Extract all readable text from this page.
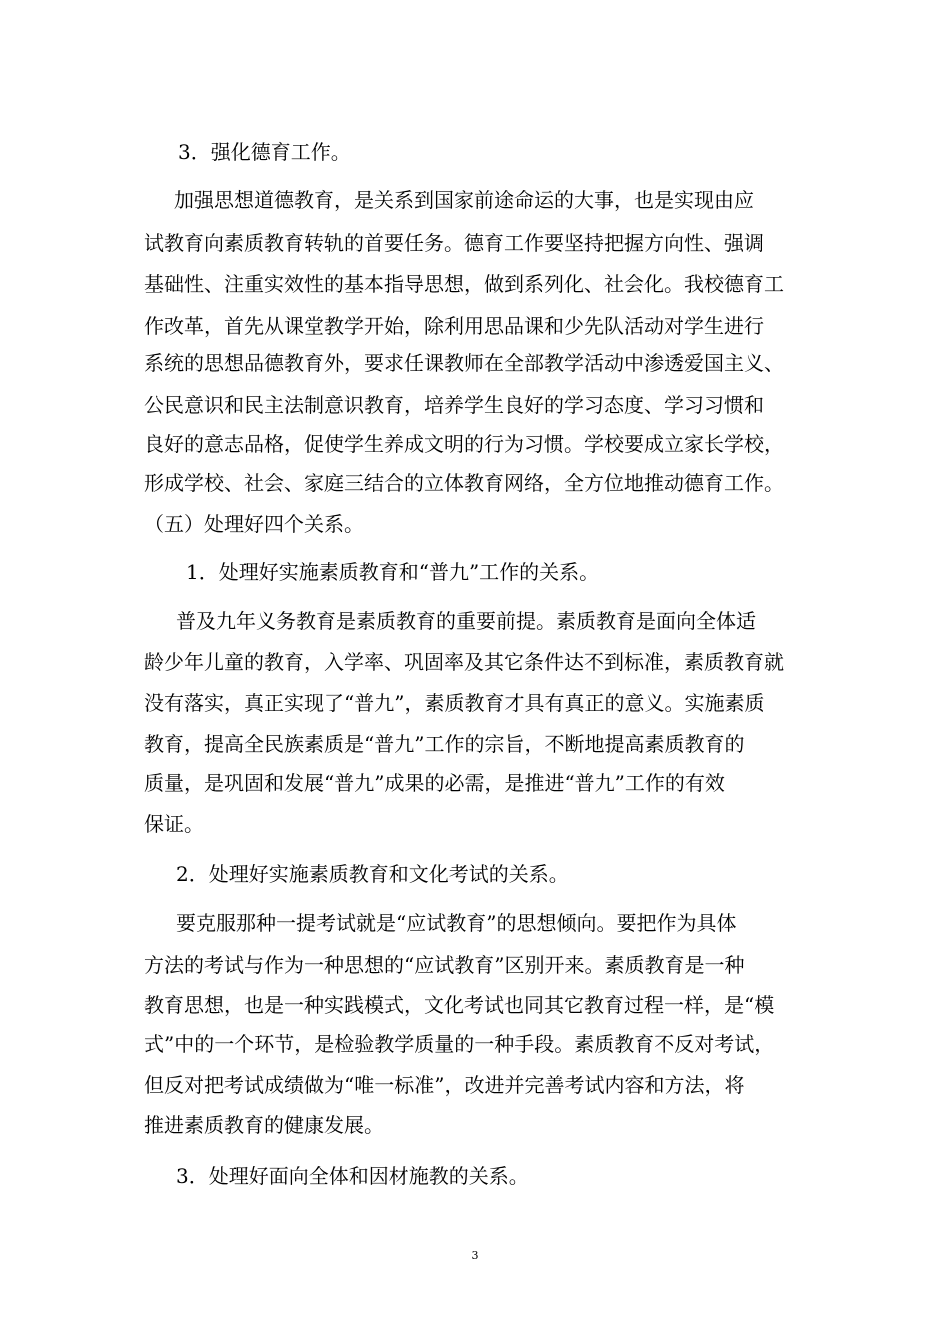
3．强化德育工作。
加强思想道德教育，是关系到国家前途命运的大事，也是实现由应
试教育向素质教育转轨的首要任务。德育工作要坚持把握方向性、强调
基础性、注重实效性的基本指导思想，做到系列化、社会化。我校德育工
作改革，首先从课堂教学开始，除利用思品课和少先队活动对学生进行
系统的思想品德教育外，要求任课教师在全部教学活动中渗透爱国主义、
公民意识和民主法制意识教育，培养学生良好的学习态度、学习习惯和
良好的意志品格，促使学生养成文明的行为习惯。学校要成立家长学校，
形成学校、社会、家庭三结合的立体教育网络，全方位地推动德育工作。
（五）处理好四个关系。
1．处理好实施素质教育和“普九”工作的关系。
普及九年义务教育是素质教育的重要前提。素质教育是面向全体适
龄少年儿童的教育，入学率、巩固率及其它条件达不到标准，素质教育就
没有落实，真正实现了“普九”，素质教育才具有真正的意义。实施素质
教育，提高全民族素质是“普九”工作的宗旨，不断地提高素质教育的
质量，是巩固和发展“普九”成果的必需，是推进“普九”工作的有效
保证。
2．处理好实施素质教育和文化考试的关系。
要克服那种一提考试就是“应试教育”的思想倾向。要把作为具体
方法的考试与作为一种思想的“应试教育”区别开来。素质教育是一种
教育思想，也是一种实践模式，文化考试也同其它教育过程一样，是“模
式”中的一个环节，是检验教学质量的一种手段。素质教育不反对考试，
但反对把考试成绩做为“唯一标准”，改进并完善考试内容和方法，将
推进素质教育的健康发展。
3．处理好面向全体和因材施教的关系。
3
